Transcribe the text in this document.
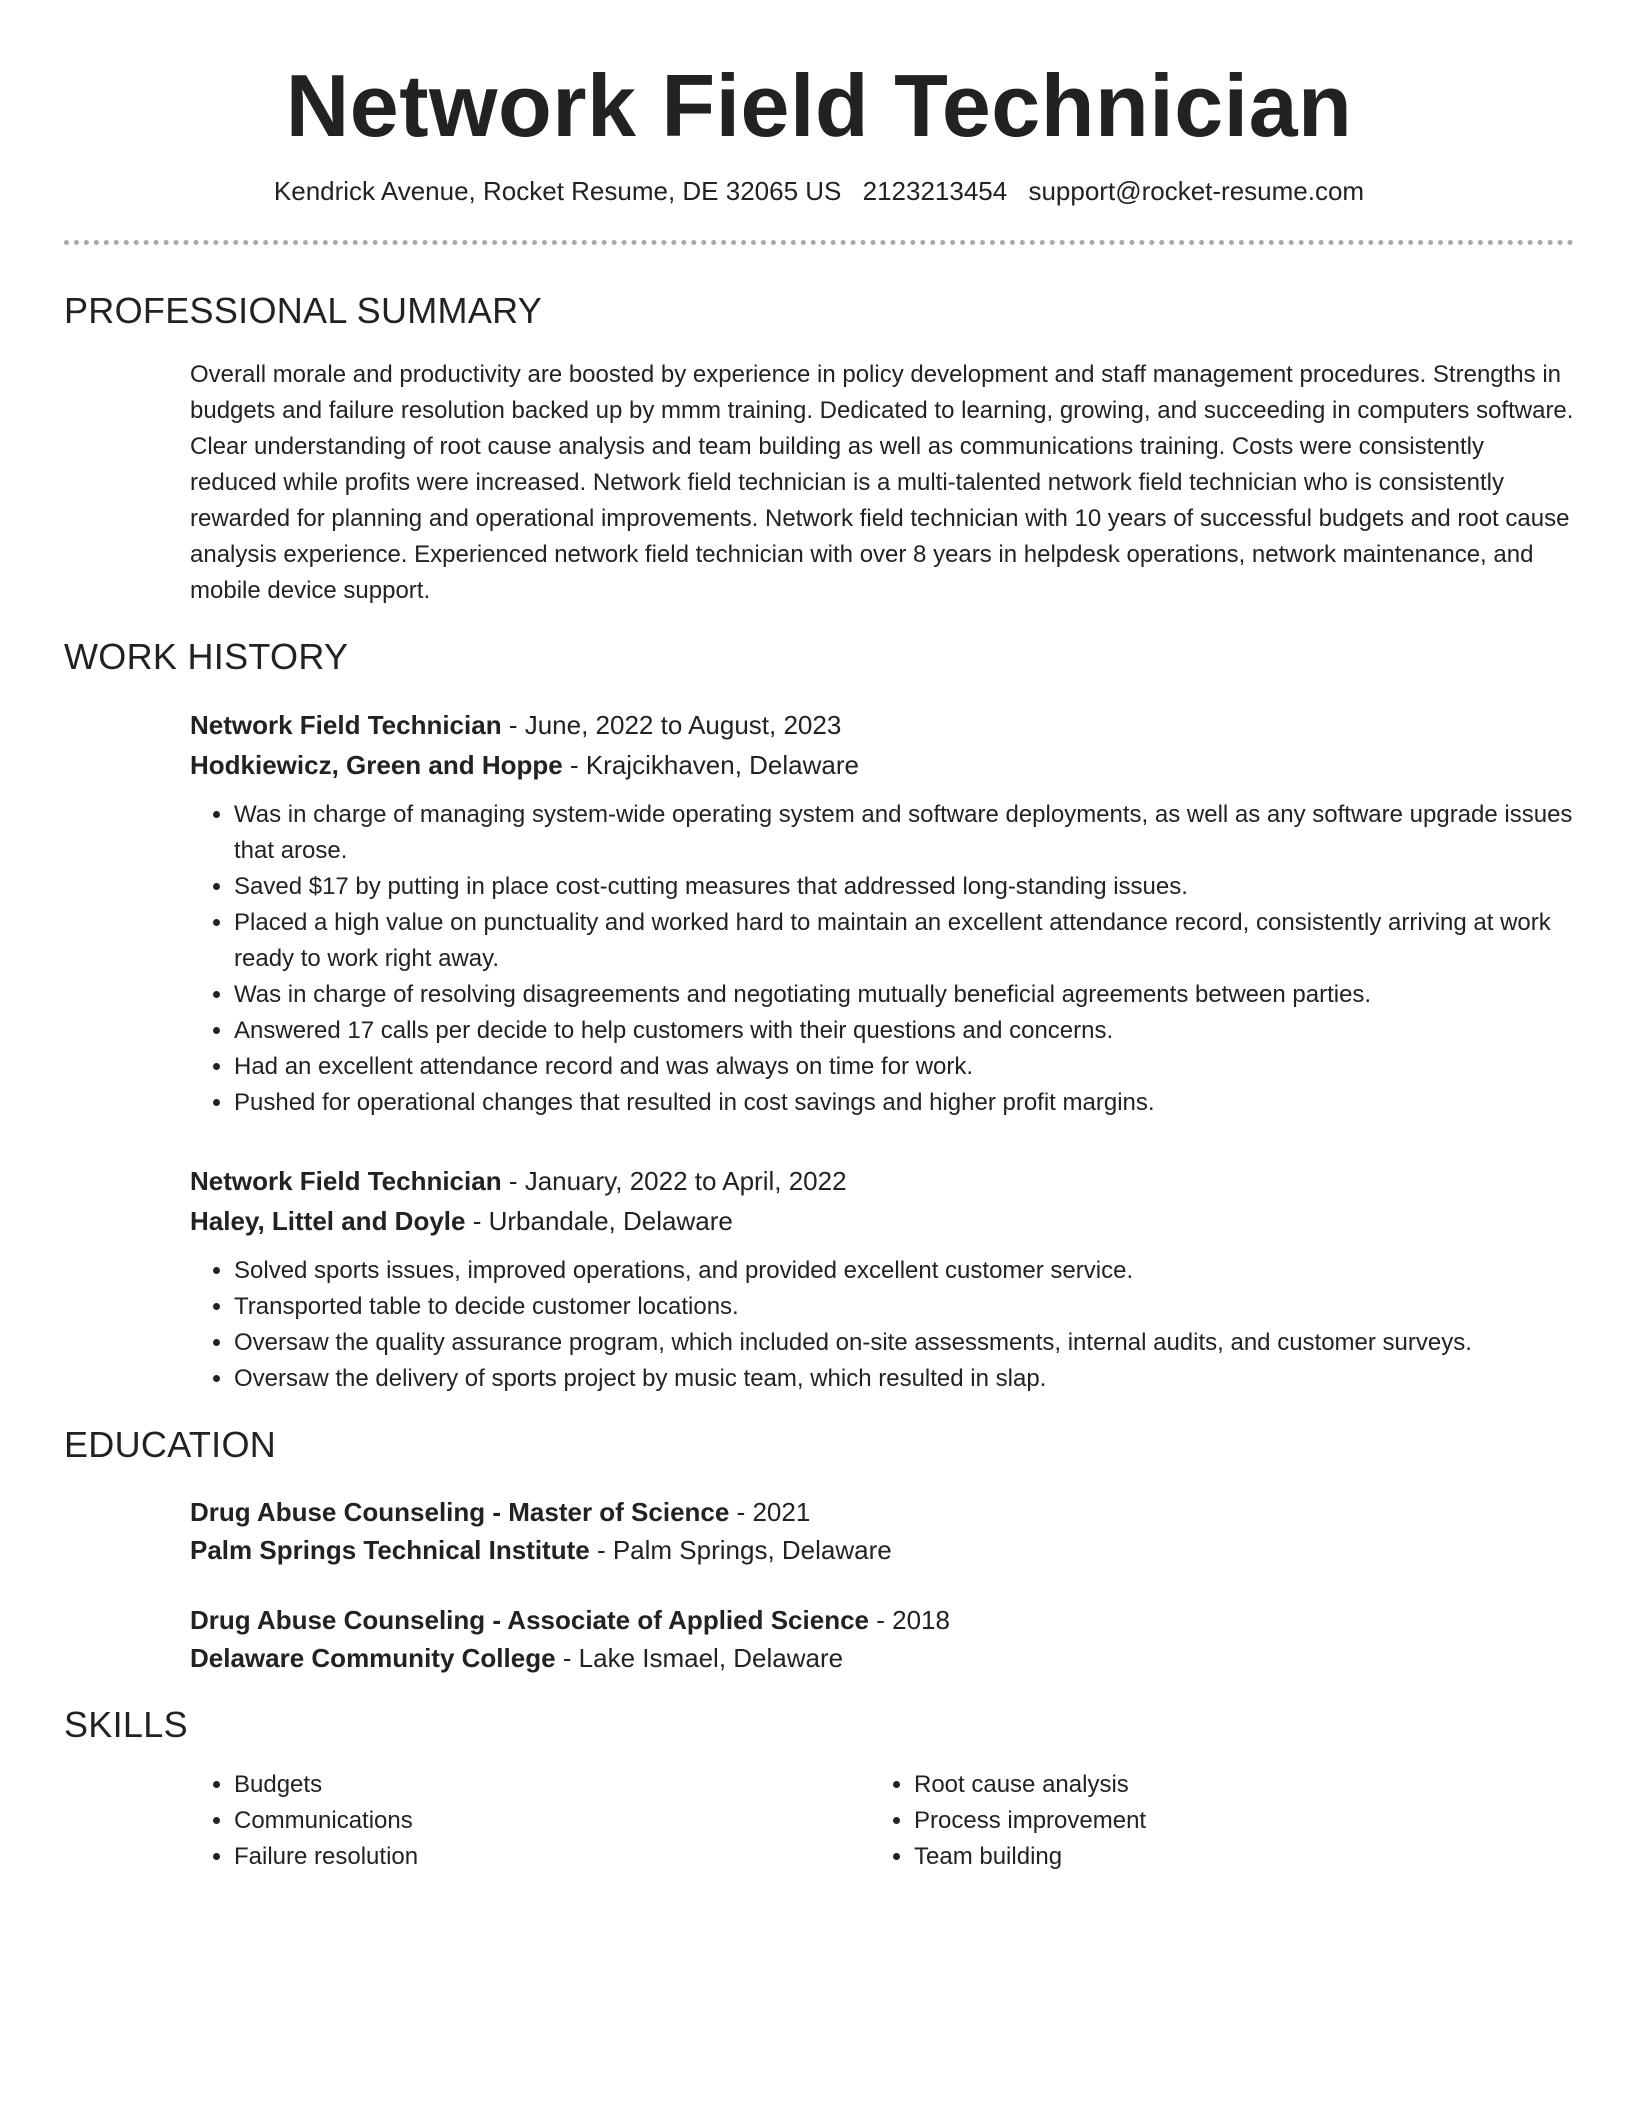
Network Field Technician
Kendrick Avenue, Rocket Resume, DE 32065 US 2123213454 support@rocket-resume.com
PROFESSIONAL SUMMARY

Overall morale and productivity are boosted by experience in policy development and staff management procedures. Strengths in budgets and failure resolution backed up by mmm training. Dedicated to learning, growing, and succeeding in computers software. Clear understanding of root cause analysis and team building as well as communications training. Costs were consistently reduced while profits were increased. Network field technician is a multi-talented network field technician who is consistently rewarded for planning and operational improvements. Network field technician with 10 years of successful budgets and root cause analysis experience. Experienced network field technician with over 8 years in helpdesk operations, network maintenance, and mobile device support.

WORK HISTORY
Network Field Technician - June, 2022 to August, 2023
Hodkiewicz, Green and Hoppe - Krajcikhaven, Delaware
• Was in charge of managing system-wide operating system and software deployments, as well as any software upgrade issues that arose.
• Saved $17 by putting in place cost-cutting measures that addressed long-standing issues.
• Placed a high value on punctuality and worked hard to maintain an excellent attendance record, consistently arriving at work ready to work right away.
• Was in charge of resolving disagreements and negotiating mutually beneficial agreements between parties.
• Answered 17 calls per decide to help customers with their questions and concerns.
• Had an excellent attendance record and was always on time for work.
• Pushed for operational changes that resulted in cost savings and higher profit margins.
Network Field Technician - January, 2022 to April, 2022
Haley, Littel and Doyle - Urbandale, Delaware
• Solved sports issues, improved operations, and provided excellent customer service.
• Transported table to decide customer locations.
• Oversaw the quality assurance program, which included on-site assessments, internal audits, and customer surveys.
• Oversaw the delivery of sports project by music team, which resulted in slap.
EDUCATION
Drug Abuse Counseling - Master of Science - 2021
Palm Springs Technical Institute - Palm Springs, Delaware
Drug Abuse Counseling - Associate of Applied Science - 2018
Delaware Community College - Lake Ismael, Delaware
SKILLS
• Budgets
• Communications
• Failure resolution
• Root cause analysis
• Process improvement
• Team building
